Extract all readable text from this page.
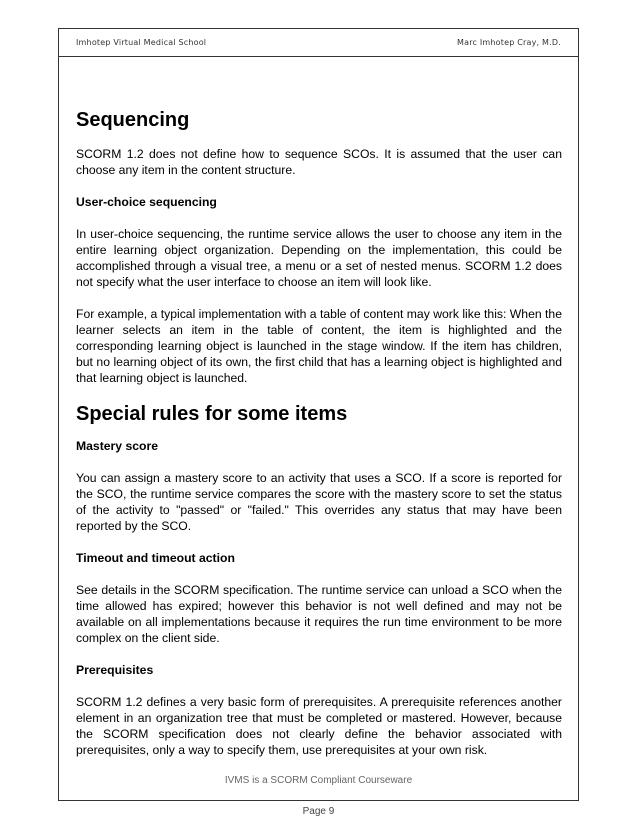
Imhotep Virtual Medical School	Marc Imhotep Cray, M.D.
Sequencing

SCORM 1.2 does not define how to sequence SCOs. It is assumed that the user can choose any item in the content structure.

User-choice sequencing

In user-choice sequencing, the runtime service allows the user to choose any item in the entire learning object organization. Depending on the implementation, this could be accomplished through a visual tree, a menu or a set of nested menus. SCORM 1.2 does not specify what the user interface to choose an item will look like.

For example, a typical implementation with a table of content may work like this: When the learner selects an item in the table of content, the item is highlighted and the corresponding learning object is launched in the stage window. If the item has children, but no learning object of its own, the first child that has a learning object is highlighted and that learning object is launched.

Special rules for some items
Mastery score

You can assign a mastery score to an activity that uses a SCO. If a score is reported for the SCO, the runtime service compares the score with the mastery score to set the status of the activity to "passed" or "failed." This overrides any status that may have been reported by the SCO.

Timeout and timeout action

See details in the SCORM specification. The runtime service can unload a SCO when the time allowed has expired; however this behavior is not well defined and may not be available on all implementations because it requires the run time environment to be more complex on the client side.

Prerequisites

SCORM 1.2 defines a very basic form of prerequisites. A prerequisite references another element in an organization tree that must be completed or mastered. However, because the SCORM specification does not clearly define the behavior associated with prerequisites, only a way to specify them, use prerequisites at your own risk.

IVMS is a SCORM Compliant Courseware
Page 9
